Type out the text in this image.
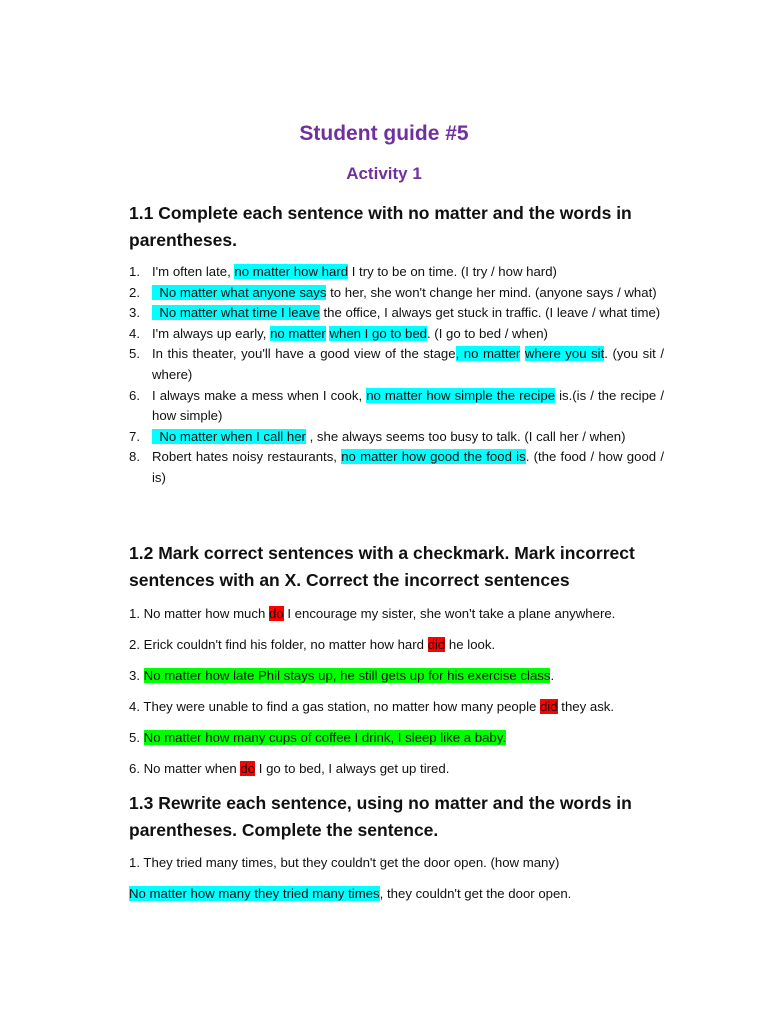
Student guide #5
Activity 1
1.1 Complete each sentence with no matter and the words in parentheses.
1. I'm often late, no matter how hard I try to be on time. (I try / how hard)
2. No matter what anyone says to her, she won't change her mind. (anyone says / what)
3. No matter what time I leave the office, I always get stuck in traffic. (I leave / what time)
4. I'm always up early, no matter when I go to bed. (I go to bed / when)
5. In this theater, you'll have a good view of the stage, no matter where you sit. (you sit / where)
6. I always make a mess when I cook, no matter how simple the recipe is.(is / the recipe / how simple)
7. No matter when I call her , she always seems too busy to talk. (I call her / when)
8. Robert hates noisy restaurants, no matter how good the food is. (the food / how good / is)
1.2 Mark correct sentences with a checkmark. Mark incorrect sentences with an X. Correct the incorrect sentences
1. No matter how much do I encourage my sister, she won't take a plane anywhere.
2. Erick couldn't find his folder, no matter how hard did he look.
3. No matter how late Phil stays up, he still gets up for his exercise class.
4. They were unable to find a gas station, no matter how many people did they ask.
5. No matter how many cups of coffee I drink, I sleep like a baby.
6. No matter when do I go to bed, I always get up tired.
1.3 Rewrite each sentence, using no matter and the words in parentheses. Complete the sentence.
1. They tried many times, but they couldn't get the door open. (how many)
No matter how many they tried many times, they couldn't get the door open.
